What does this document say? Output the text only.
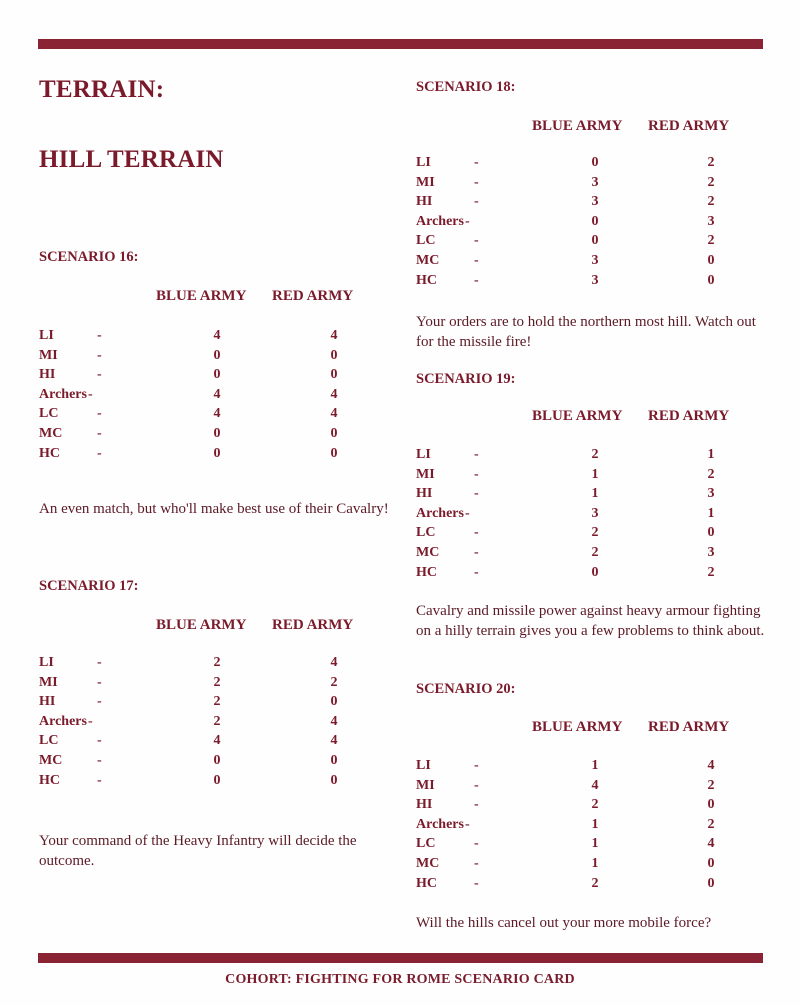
TERRAIN:
HILL TERRAIN
SCENARIO 16:
BLUE ARMY RED ARMY
LI	-	4	4
MI	-	0	0
HI	-	0	0
Archers -	4	4
LC	-	4	4
MC -	0	0
HC	-	0	0
An even match, but who'll make best use of their Cavalry!
SCENARIO 17:
BLUE ARMY RED ARMY
LI	-	2	4
MI	-	2	2
HI	-	2	0
Archers -	2	4
LC	-	4	4
MC -	0	0
HC	-	0	0
Your command of the Heavy Infantry will decide the outcome.
SCENARIO 18:
BLUE ARMY RED ARMY
LI	-	0	2
MI	-	3	2
HI	-	3	2
Archers -	0	3
LC	-	0	2
MC -	3	0
HC	-	3	0
Your orders are to hold the northern most hill. Watch out for the missile fire!
SCENARIO 19:
BLUE ARMY RED ARMY
LI	-	2	1
MI	-	1	2
HI	-	1	3
Archers -	3	1
LC	-	2	0
MC -	2	3
HC	-	0	2
Cavalry and missile power against heavy armour fighting on a hilly terrain gives you a few problems to think about.
SCENARIO 20:
BLUE ARMY RED ARMY
LI	-	1	4
MI	-	4	2
HI	-	2	0
Archers -	1	2
LC	-	1	4
MC -	1	0
HC	-	2	0
Will the hills cancel out your more mobile force?
COHORT: FIGHTING FOR ROME SCENARIO CARD
